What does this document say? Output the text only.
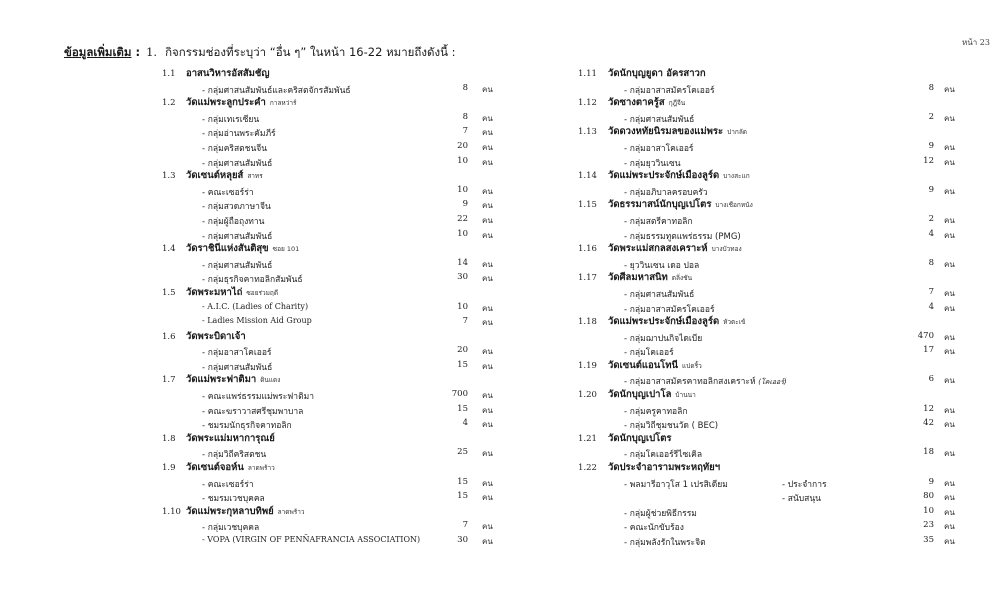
หน้า 23
ข้อมูลเพิ่มเติม : 1. กิจกรรมช่องที่ระบุว่า “อื่น ๆ” ในหน้า 16-22 หมายถึงดังนี้ :
1.1	อาสนวิหารอัสสัมชัญ
- กลุ่มศาสนสัมพันธ์และคริสตจักรสัมพันธ์	8 คน
1.2	วัดแม่พระลูกประคำ กาลหว่าร์
- กลุ่มเทเรเซียน	8 คน
- กลุ่มอ่านพระคัมภีร์	7 คน
- กลุ่มคริสตชนจีน	20 คน
- กลุ่มศาสนสัมพันธ์	10 คน
1.3	วัดเซนต์หลุยส์ สาทร
- คณะเซอร์ร่า	10 คน
- กลุ่มสวดภาษาจีน	9 คน
- กลุ่มผู้ถือถุงทาน	22 คน
- กลุ่มศาสนสัมพันธ์	10 คน
1.4	วัดราชินีแห่งสันติสุข ซอย 101
- กลุ่มศาสนสัมพันธ์	14 คน
- กลุ่มธุรกิจคาทอลิกสัมพันธ์	30 คน
1.5	วัดพระมหาไถ่ ซอยร่วมฤดี
- A.I.C. (Ladies of Charity)	10 คน
- Ladies Mission Aid Group	7 คน
1.6	วัดพระบิดาเจ้า
- กลุ่มอาสาโคเออร์	20 คน
- กลุ่มศาสนสัมพันธ์	15 คน
1.7	วัดแม่พระฟาติมา ดินแดง
- คณะแพร่ธรรมแม่พระฟาติมา	700 คน
- คณะฆราวาสศรีชุมพาบาล	15 คน
- ชมรมนักธุรกิจคาทอลิก	4 คน
1.8	วัดพระแม่มหาการุณย์
- กลุ่มวิถีคริสตชน	25 คน
1.9	วัดเซนต์จอห์น ลาดพร้าว
- คณะเซอร์ร่า	15 คน
- ชมรมเวชบุคคล	15 คน
1.10 วัดแม่พระกุหลาบทิพย์ ลาดพร้าว
- กลุ่มเวชบุคคล	7 คน
- VOPA (VIRGIN OF PENÑAFRANCIA ASSOCIATION)	30 คน
1.11	วัดนักบุญยูดา อัครสาวก
- กลุ่มอาสาสมัครโคเออร์	8 คน
1.12	วัดซางตาครู้ส กุฎีจีน
- กลุ่มศาสนสัมพันธ์	2 คน
1.13	วัดดวงหทัยนิรมลของแม่พระ ปากลัด
- กลุ่มอาสาโคเออร์	9 คน
- กลุ่มยุววินเซน	12 คน
1.14	วัดแม่พระประจักษ์เมืองลูร์ด บางสะแก
- กลุ่มอภิบาลครอบครัว	9 คน
1.15	วัดธรรมาสน์นักบุญเปโตร บางเชือกหนัง
- กลุ่มสตรีคาทอลิก	2 คน
- กลุ่มธรรมทูตแพร่ธรรม (PMG)	4 คน
1.16	วัดพระแม่สกลสงเคราะห์ บางบัวทอง
- ยุววินเซน เดอ ปอล	8 คน
1.17	วัดศีลมหาสนิท ตลิ่งชัน
- กลุ่มศาสนสัมพันธ์	7 คน
- กลุ่มอาสาสมัครโคเออร์	4 คน
1.18	วัดแม่พระประจักษ์เมืองลูร์ด หัวตะเข้
- กลุ่มฌาปนกิจไดเบีย	470 คน
- กลุ่มโคเออร์	17 คน
1.19	วัดเซนต์แอนโทนี แปดริ้ว
- กลุ่มอาสาสมัครคาทอลิกสงเคราะห์ (โคเออร์)	6 คน
1.20	วัดนักบุญเปาโล บ้านนา
- กลุ่มครูคาทอลิก	12 คน
- กลุ่มวิถีชุมชนวัด ( BEC)	42 คน
1.21	วัดนักบุญเปโตร
- กลุ่มโคเออร์รีไซเคิล	18 คน
1.22	วัดประจำอารามพระหฤทัยฯ
- พลมารีอาวุโส 1 เปรสิเดียม	- ประจำการ	9 คน
- สนับสนุน	80 คน
- กลุ่มผู้ช่วยพิธีกรรม	10 คน
- คณะนักขับร้อง	23 คน
- กลุ่มพลังรักในพระจิต	35 คน
